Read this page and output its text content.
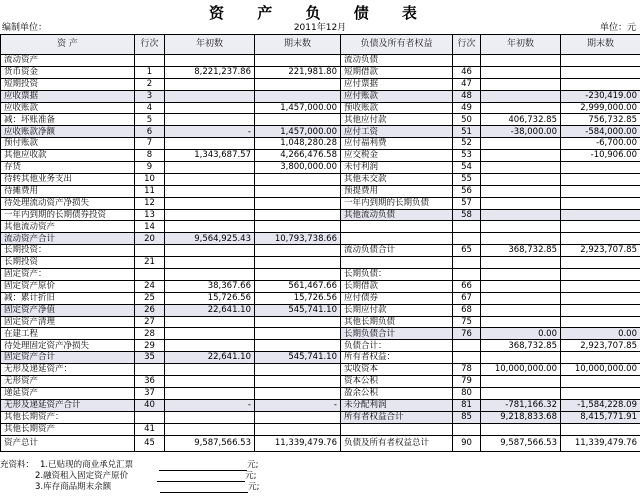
资 产 负 债 表
编制单位：	2011年12月	单位：元
资 产	行次	年初数	期末数	负债及所有者权益	行次	年初数	期末数
流动资产				流动负债			
货币资金	1	8,221,237.86	221,981.80	短期借款	46		
短期投资	2			应付票据	47		
应收票据	3			应付账款	48		-230,419.00
应收账款	4		1,457,000.00	预收账款	49		2,999,000.00
减：坏账准备	5			其他应付款	50	406,732.85	756,732.85
应收账款净额	6	-	1,457,000.00	应付工资	51	-38,000.00	-584,000.00
预付账款	7		1,048,280.28	应付福利费	52		-6,700.00
其他应收款	8	1,343,687.57	4,266,476.58	应交税金	53		-10,906.00
存货	9		3,800,000.00	未付利润	54		
待转其他业务支出	10			其他未交款	55		
待摊费用	11			预提费用	56		
待处理流动资产净损失	12			一年内到期的长期负债	57		
一年内到期的长期债券投资	13			其他流动负债	58		
其他流动资产	14						
流动资产合计	20	9,564,925.43	10,793,738.66				
长期投资：				流动负债合计	65	368,732.85	2,923,707.85
长期投资	21						
固定资产：				长期负债：			
固定资产原价	24	38,367.66	561,467.66	长期借款	66		
减：累计折旧	25	15,726.56	15,726.56	应付债券	67		
固定资产净值	26	22,641.10	545,741.10	长期应付款	68		
固定资产清理	27			其他长期负债	75		
在建工程	28			长期负债合计	76	0.00	0.00
待处理固定资产净损失	29			负债合计：		368,732.85	2,923,707.85
固定资产合计	35	22,641.10	545,741.10	所有者权益：			
无形及递延资产：				实收资本	78	10,000,000.00	10,000,000.00
无形资产	36			资本公积	79		
递延资产	37			盈余公积	80		
无形及递延资产合计	40	-	-	未分配利润	81	-781,166.32	-1,584,228.09
其他长期资产：				所有者权益合计	85	9,218,833.68	8,415,771.91
其他长期资产	41						
资产总计	45	9,587,566.53	11,339,479.76	负债及所有者权益总计	90	9,587,566.53	11,339,479.76
充资料： 1.已贴现的商业承兑汇票	元;
2.融资租入固定资产原价	元;
3.库存商品期末余额	元;
